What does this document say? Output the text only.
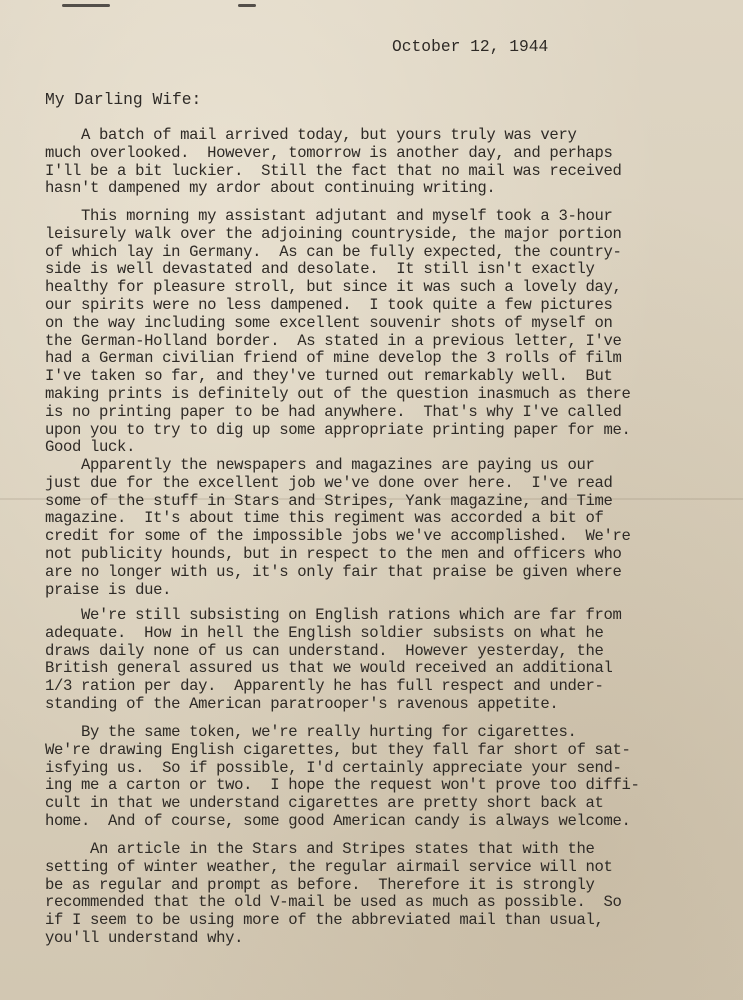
October 12, 1944
My Darling Wife:
A batch of mail arrived today, but yours truly was very
much overlooked.  However, tomorrow is another day, and perhaps
I'll be a bit luckier.  Still the fact that no mail was received
hasn't dampened my ardor about continuing writing.
This morning my assistant adjutant and myself took a 3-hour
leisurely walk over the adjoining countryside, the major portion
of which lay in Germany.  As can be fully expected, the country-
side is well devastated and desolate.  It still isn't exactly
healthy for pleasure stroll, but since it was such a lovely day,
our spirits were no less dampened.  I took quite a few pictures
on the way including some excellent souvenir shots of myself on
the German-Holland border.  As stated in a previous letter, I've
had a German civilian friend of mine develop the 3 rolls of film
I've taken so far, and they've turned out remarkably well.  But
making prints is definitely out of the question inasmuch as there
is no printing paper to be had anywhere.  That's why I've called
upon you to try to dig up some appropriate printing paper for me.
Good luck.
Apparently the newspapers and magazines are paying us our
just due for the excellent job we've done over here.  I've read
some of the stuff in Stars and Stripes, Yank magazine, and Time
magazine.  It's about time this regiment was accorded a bit of
credit for some of the impossible jobs we've accomplished.  We're
not publicity hounds, but in respect to the men and officers who
are no longer with us, it's only fair that praise be given where
praise is due.
We're still subsisting on English rations which are far from
adequate.  How in hell the English soldier subsists on what he
draws daily none of us can understand.  However yesterday, the
British general assured us that we would received an additional
1/3 ration per day.  Apparently he has full respect and under-
standing of the American paratrooper's ravenous appetite.
By the same token, we're really hurting for cigarettes.
We're drawing English cigarettes, but they fall far short of sat-
isfying us.  So if possible, I'd certainly appreciate your send-
ing me a carton or two.  I hope the request won't prove too diffi-
cult in that we understand cigarettes are pretty short back at
home.  And of course, some good American candy is always welcome.
An article in the Stars and Stripes states that with the
setting of winter weather, the regular airmail service will not
be as regular and prompt as before.  Therefore it is strongly
recommended that the old V-mail be used as much as possible.  So
if I seem to be using more of the abbreviated mail than usual,
you'll understand why.
